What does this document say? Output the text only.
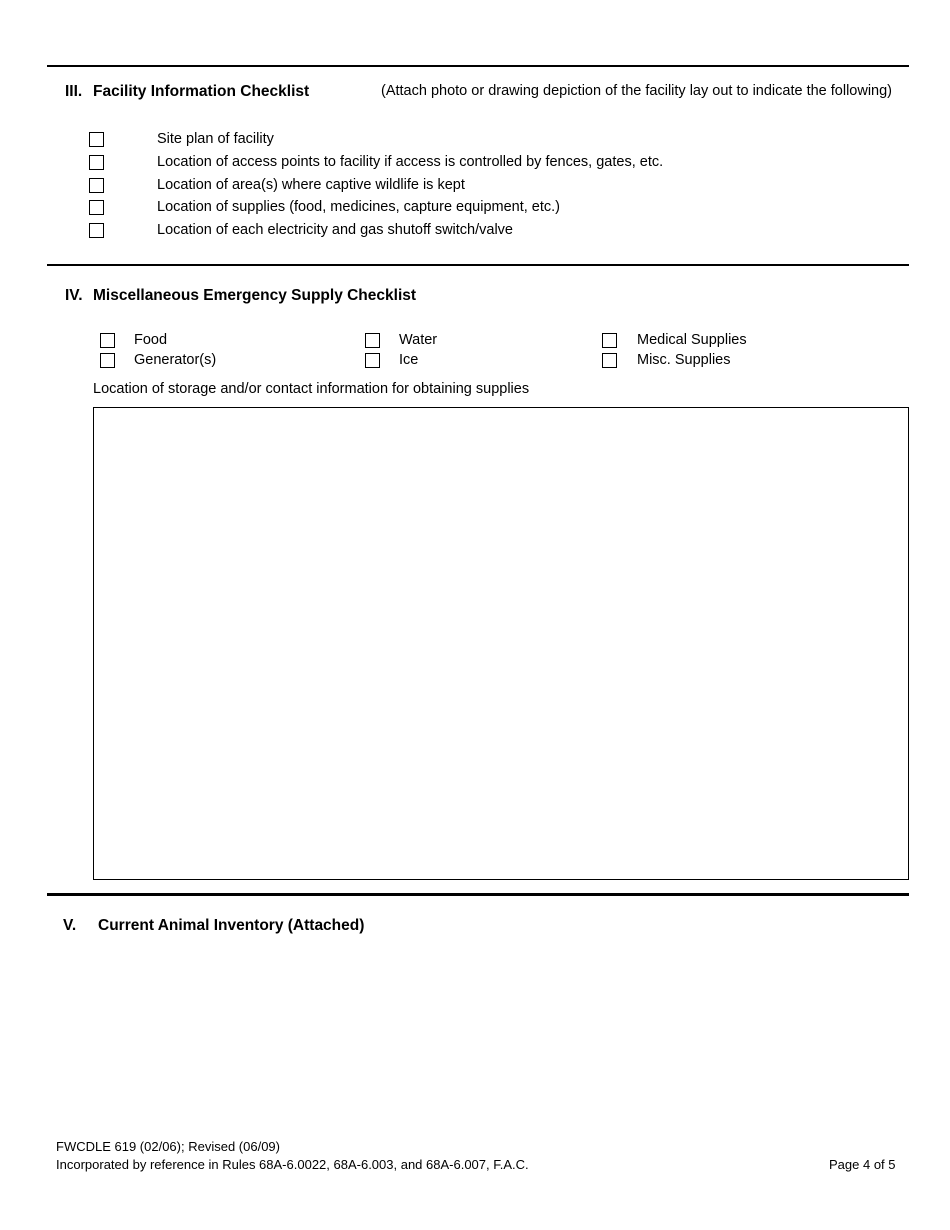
III. Facility Information Checklist	(Attach photo or drawing depiction of the facility lay out to indicate the following)
Site plan of facility
Location of access points to facility if access is controlled by fences, gates, etc.
Location of area(s) where captive wildlife is kept
Location of supplies (food, medicines, capture equipment, etc.)
Location of each electricity and gas shutoff switch/valve
IV. Miscellaneous Emergency Supply Checklist
Food
Generator(s)
Water
Ice
Medical Supplies
Misc. Supplies
Location of storage and/or contact information for obtaining supplies
V. Current Animal Inventory (Attached)
FWCDLE 619 (02/06); Revised (06/09)
Incorporated by reference in Rules 68A-6.0022, 68A-6.003, and 68A-6.007, F.A.C.	Page 4 of 5
